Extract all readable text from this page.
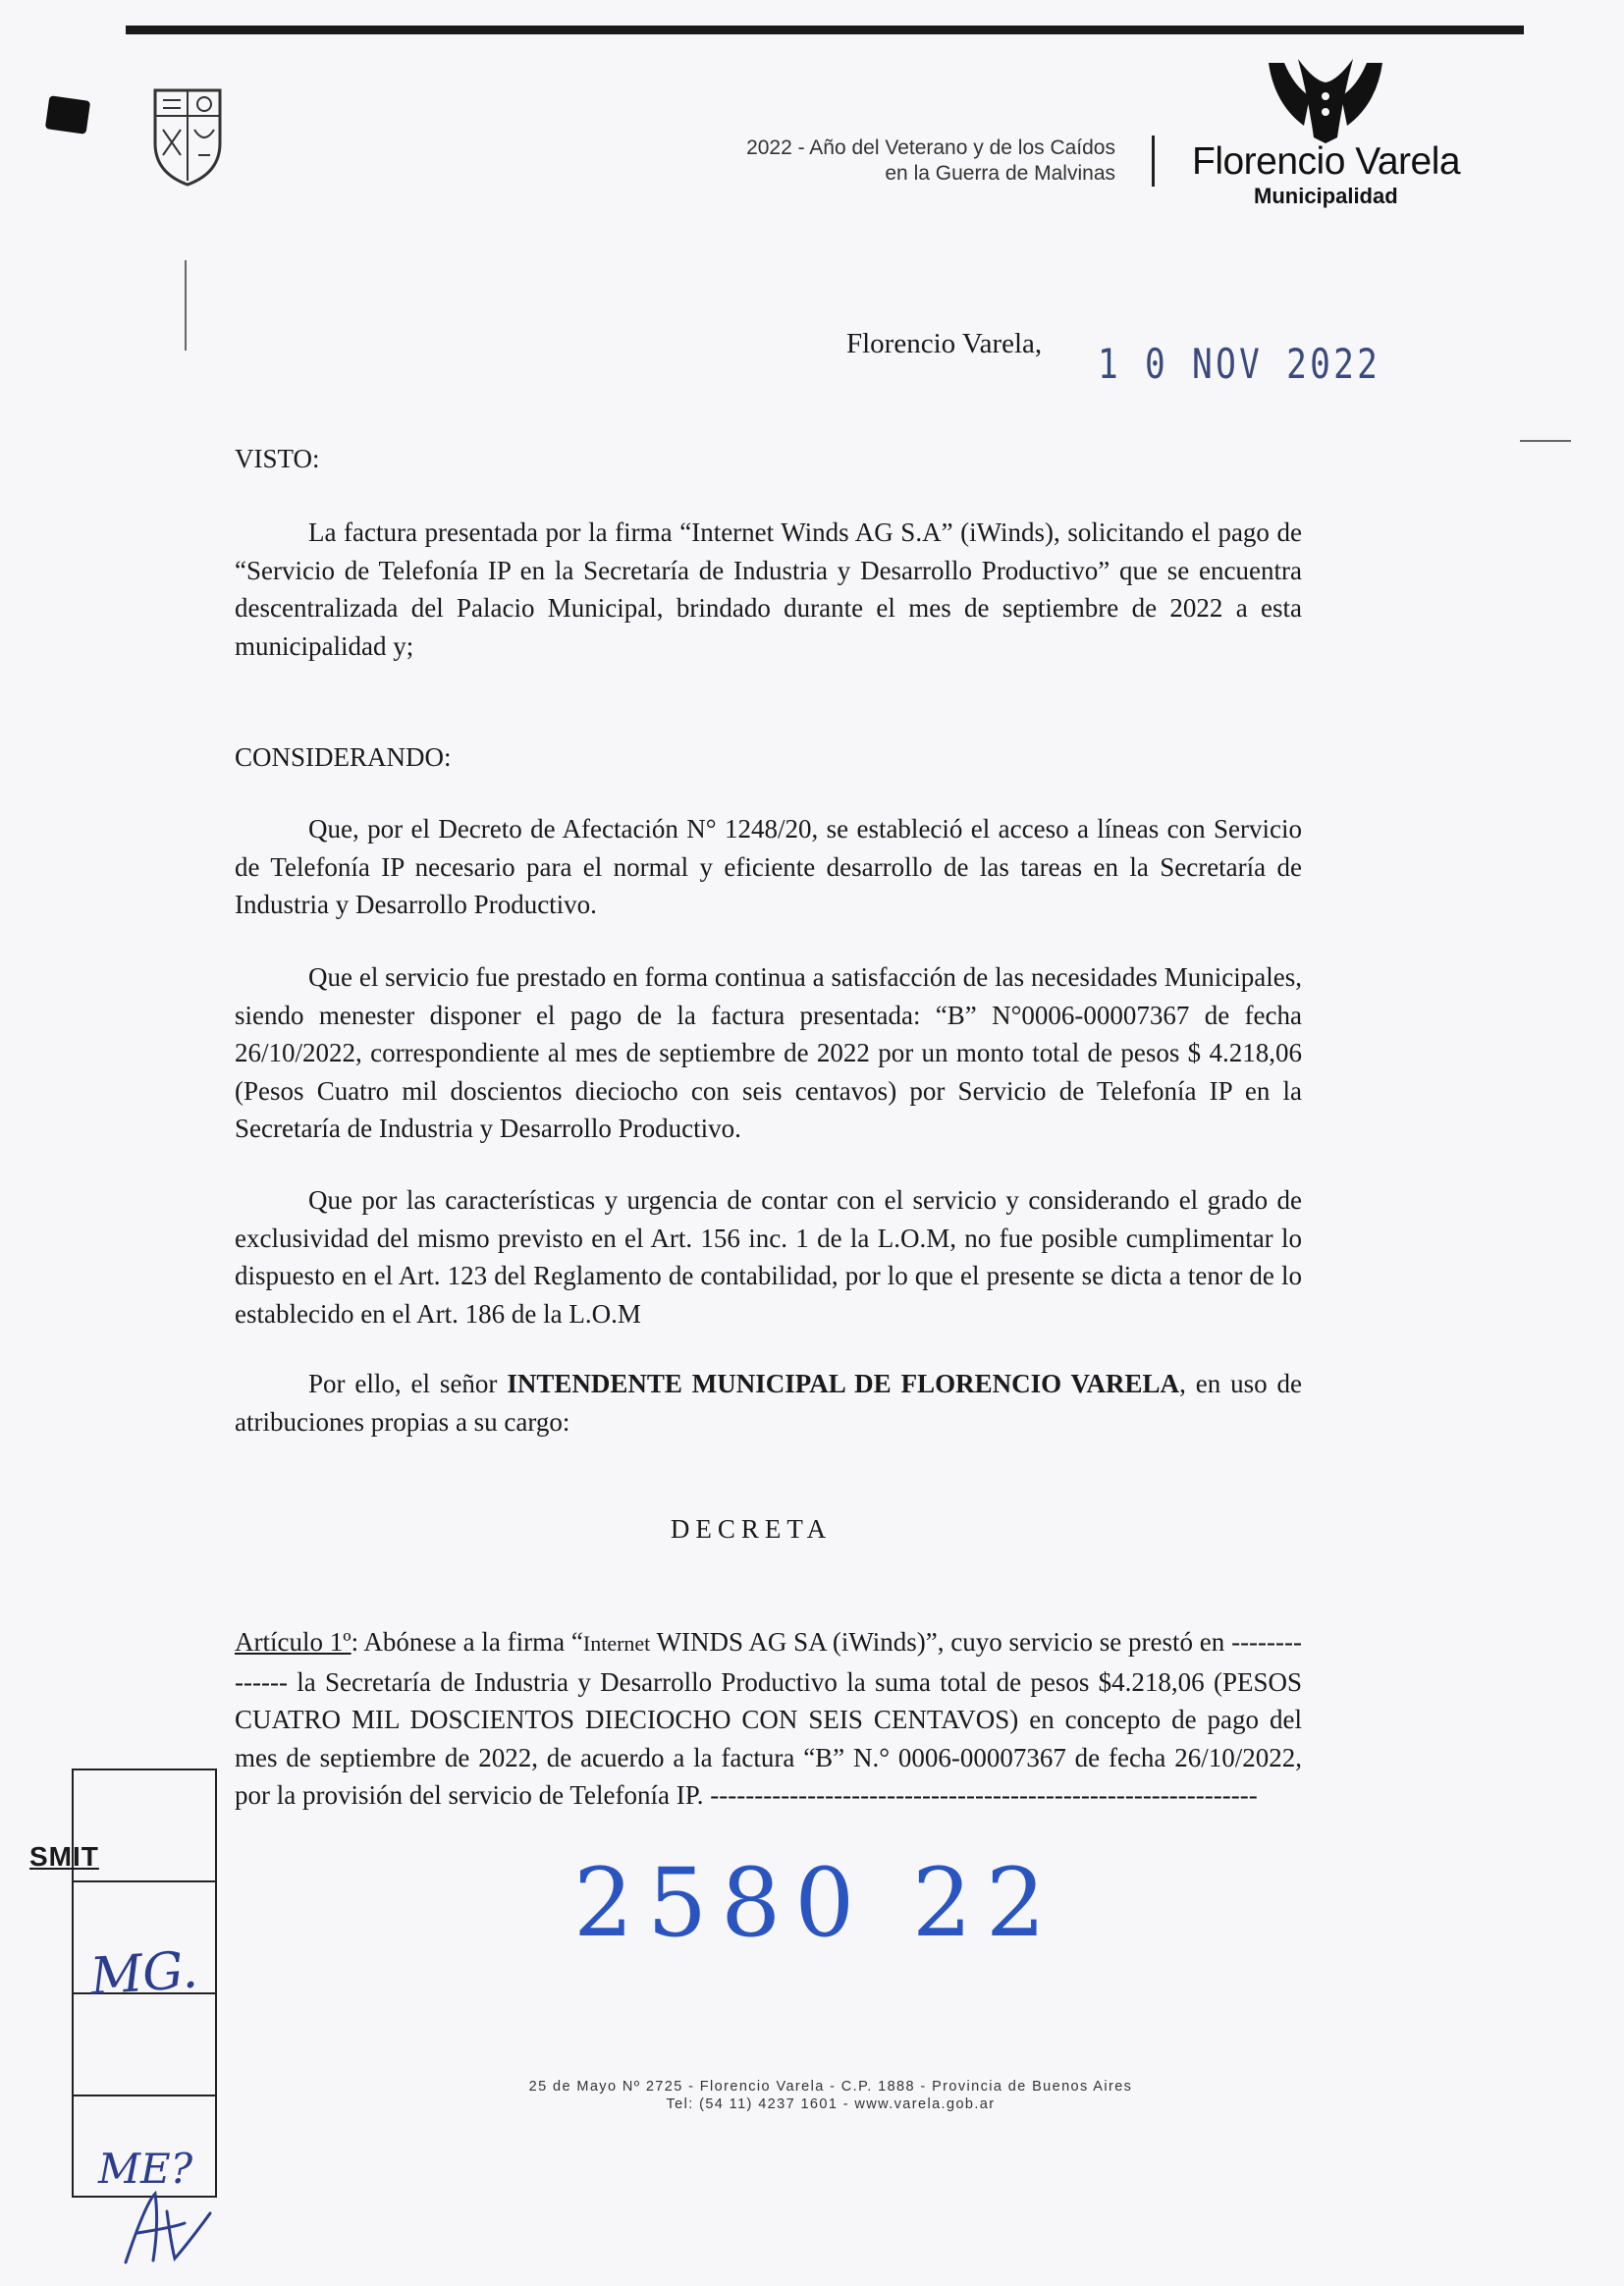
2022 - Año del Veterano y de los Caídos
en la Guerra de Malvinas Florencio Varela
Municipalidad
Florencio Varela, 1 0 NOV 2022
VISTO:

La factura presentada por la firma “Internet Winds AG S.A” (iWinds), solicitando el pago de “Servicio de Telefonía IP en la Secretaría de Industria y Desarrollo Productivo” que se encuentra descentralizada del Palacio Municipal, brindado durante el mes de septiembre de 2022 a esta municipalidad y;

CONSIDERANDO:

Que, por el Decreto de Afectación N° 1248/20, se estableció el acceso a líneas con Servicio de Telefonía IP necesario para el normal y eficiente desarrollo de las tareas en la Secretaría de Industria y Desarrollo Productivo.

Que el servicio fue prestado en forma continua a satisfacción de las necesidades Municipales, siendo menester disponer el pago de la factura presentada: “B” N°0006-00007367 de fecha 26/10/2022, correspondiente al mes de septiembre de 2022 por un monto total de pesos $ 4.218,06 (Pesos Cuatro mil doscientos dieciocho con seis centavos) por Servicio de Telefonía IP en la Secretaría de Industria y Desarrollo Productivo.

Que por las características y urgencia de contar con el servicio y considerando el grado de exclusividad del mismo previsto en el Art. 156 inc. 1 de la L.O.M, no fue posible cumplimentar lo dispuesto en el Art. 123 del Reglamento de contabilidad, por lo que el presente se dicta a tenor de lo establecido en el Art. 186 de la L.O.M

Por ello, el señor INTENDENTE MUNICIPAL DE FLORENCIO VARELA, en uso de atribuciones propias a su cargo:

DECRETA

Artículo 1º: Abónese a la firma “Internet WINDS AG SA (iWinds)”, cuyo servicio se prestó en -------------- la Secretaría de Industria y Desarrollo Productivo la suma total de pesos $4.218,06 (PESOS CUATRO MIL DOSCIENTOS DIECIOCHO CON SEIS CENTAVOS) en concepto de pago del mes de septiembre de 2022, de acuerdo a la factura “B” N.° 0006-00007367 de fecha 26/10/2022, por la provisión del servicio de Telefonía IP. --------------------------------------------------------------

2580 22
25 de Mayo Nº 2725 - Florencio Varela - C.P. 1888 - Provincia de Buenos Aires
Tel: (54 11) 4237 1601 - www.varela.gob.ar
SMIT
MG.
ME?
